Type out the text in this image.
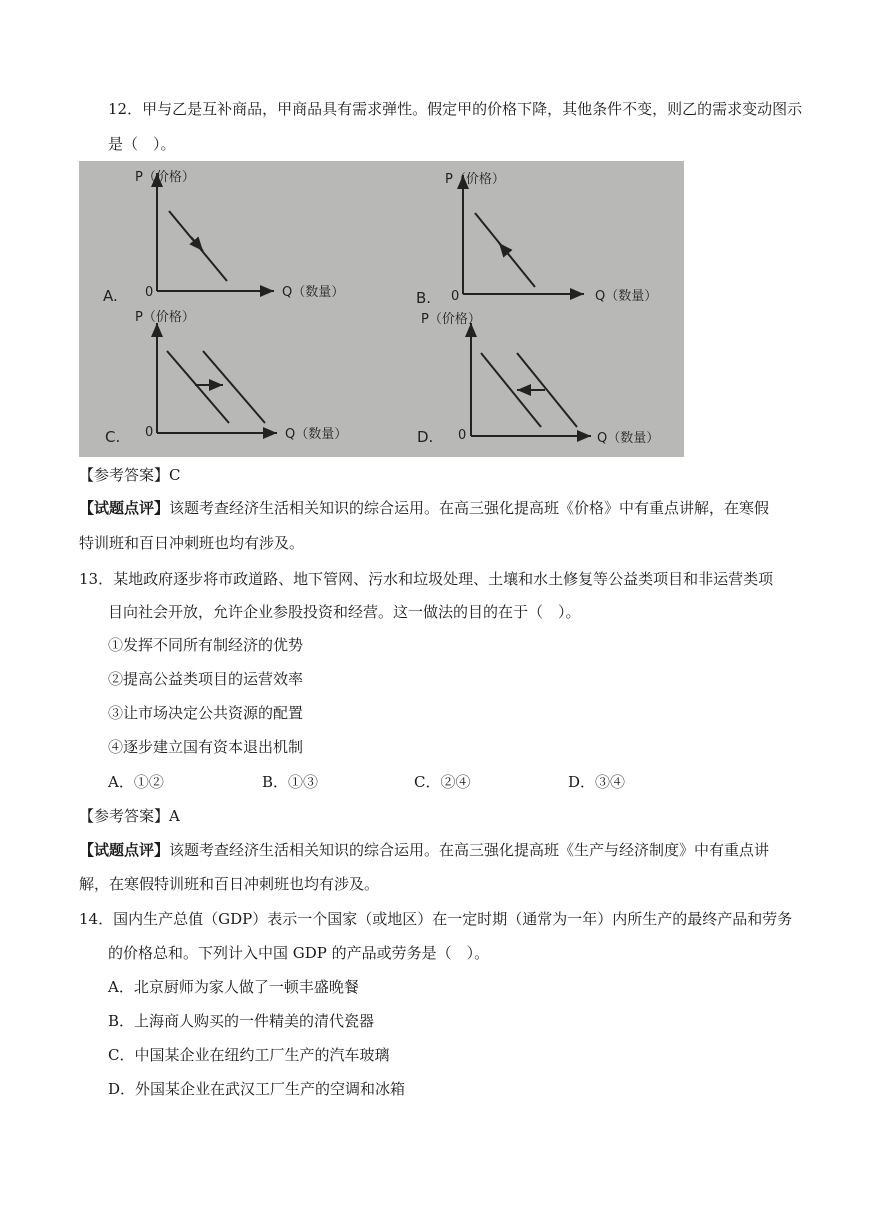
12．甲与乙是互补商品，甲商品具有需求弹性。假定甲的价格下降，其他条件不变，则乙的需求变动图示
是（　）。
P（价格）
Q（数量）
0
A.
P（价格）
Q（数量）
0
B.
P（价格）
Q（数量）
0
C.
P（价格）
Q（数量）
0
D.
【参考答案】C
【试题点评】该题考查经济生活相关知识的综合运用。在高三强化提高班《价格》中有重点讲解，在寒假
特训班和百日冲刺班也均有涉及。
13．某地政府逐步将市政道路、地下管网、污水和垃圾处理、土壤和水土修复等公益类项目和非运营类项
目向社会开放，允许企业参股投资和经营。这一做法的目的在于（　）。
①发挥不同所有制经济的优势
②提高公益类项目的运营效率
③让市场决定公共资源的配置
④逐步建立国有资本退出机制
A．①②	B．①③	C．②④	D．③④
【参考答案】A
【试题点评】该题考查经济生活相关知识的综合运用。在高三强化提高班《生产与经济制度》中有重点讲
解，在寒假特训班和百日冲刺班也均有涉及。
14．国内生产总值（GDP）表示一个国家（或地区）在一定时期（通常为一年）内所生产的最终产品和劳务
的价格总和。下列计入中国 GDP 的产品或劳务是（　）。
A．北京厨师为家人做了一顿丰盛晚餐
B．上海商人购买的一件精美的清代瓷器
C．中国某企业在纽约工厂生产的汽车玻璃
D．外国某企业在武汉工厂生产的空调和冰箱
